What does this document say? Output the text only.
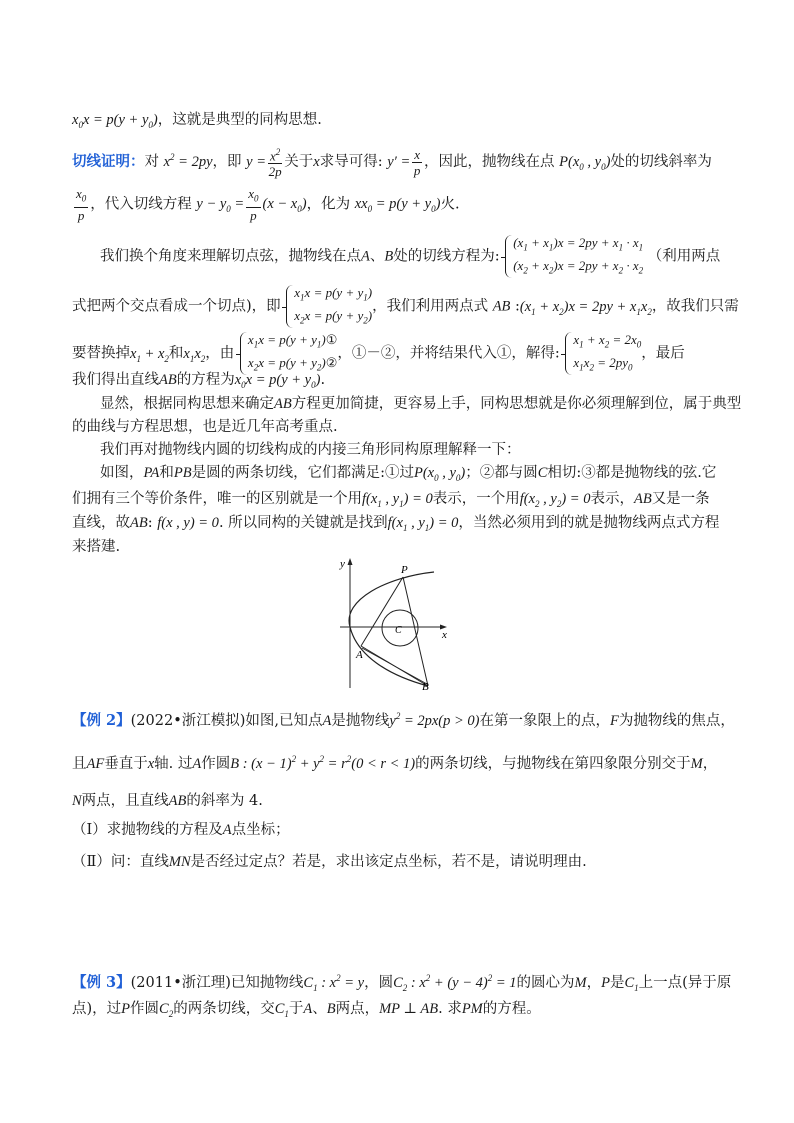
$x_0x = p(y + y_0)$，这就是典型的同构思想.
切线证明：对 $x^2 = 2py$，即 $y = \frac{x^2}{2p}$ 关于x求导可得: $y' = \frac{x}{p}$ ，因此，抛物线在点 $P(x_0$ , $y_0$)处的切线斜率为
$\frac{x_0}{p}$ ，代入切线方程 $y - y_0 = \frac{x_0}{p} (x - x_0)$，化为 $xx_0 = p(y + y_0)$火.
我们换个角度来理解切点弦，抛物线在点A、B处的切线方程为: $(x_1 + x_1)x = 2py + x_1 \cdot x_1$
$(x_2 + x_2)x = 2py + x_2 \cdot x_2$ （利用两点
式把两个交点看成一个切点)，即 $x_1x = p(y + y_1)$
$x_2x = p(y + y_2)$，我们利用两点式 AB $:(x_1 + x_2)x = 2py + x_1x_2$，故我们只需
要替换掉$x_1 + x_2$和$x_1x_2$，由 $x_1x = p(y$ + $y_1)①$
$x_2x = p(y$ + $y_2)②$，①－②，并将结果代入①，解得: $x_1 + x_2 = 2x_0$
$x_1x_2 = 2py_0$，最后
我们得出直线AB的方程为$x_0x = p(y + y_0)$.
显然，根据同构思想来确定AB方程更加简捷，更容易上手，同构思想就是你必须理解到位，属于典型
的曲线与方程思想，也是近几年高考重点.
我们再对抛物线内圆的切线构成的内接三角形同构原理解释一下：
如图，PA和PB是圆的两条切线，它们都满足:①过$P(x_0$ , $y_0$)；②都与圆C相切:③都是抛物线的弦.它
们拥有三个等价条件，唯一的区别就是一个用$f(x_1$ , $y_1) = 0$表示，一个用$f(x_2$ , $y_2) = 0$表示，AB又是一条
直线，故AB: f(x , y) = 0. 所以同构的关键就是找到$f(x_1$ , $y_1) = 0$，当然必须用到的就是抛物线两点式方程
来搭建.
y
x
P
A
B
C
【例 2】(2022•浙江模拟)如图,已知点A是抛物线$y^2 = 2px(p > 0)$在第一象限上的点，F为抛物线的焦点，
且AF垂直于x轴. 过A作圆B : $(x - 1)^2 + y^2 = r^2(0 < r < 1)$的两条切线，与抛物线在第四象限分别交于M，
N两点，且直线AB的斜率为 4.
（Ⅰ）求抛物线的方程及A点坐标；
（Ⅱ）问：直线MN是否经过定点？若是，求出该定点坐标，若不是，请说明理由.
【例 3】(2011•浙江理)已知抛物线$C_1$ : $x^2 = y$，圆$C_2$ : $x^2 + (y - 4)^2 = 1$的圆心为M，P是$C_1$上一点(异于原
点)，过P作圆$C_2$的两条切线，交$C_1$于A、B两点，MP ⊥ AB. 求PM的方程。
